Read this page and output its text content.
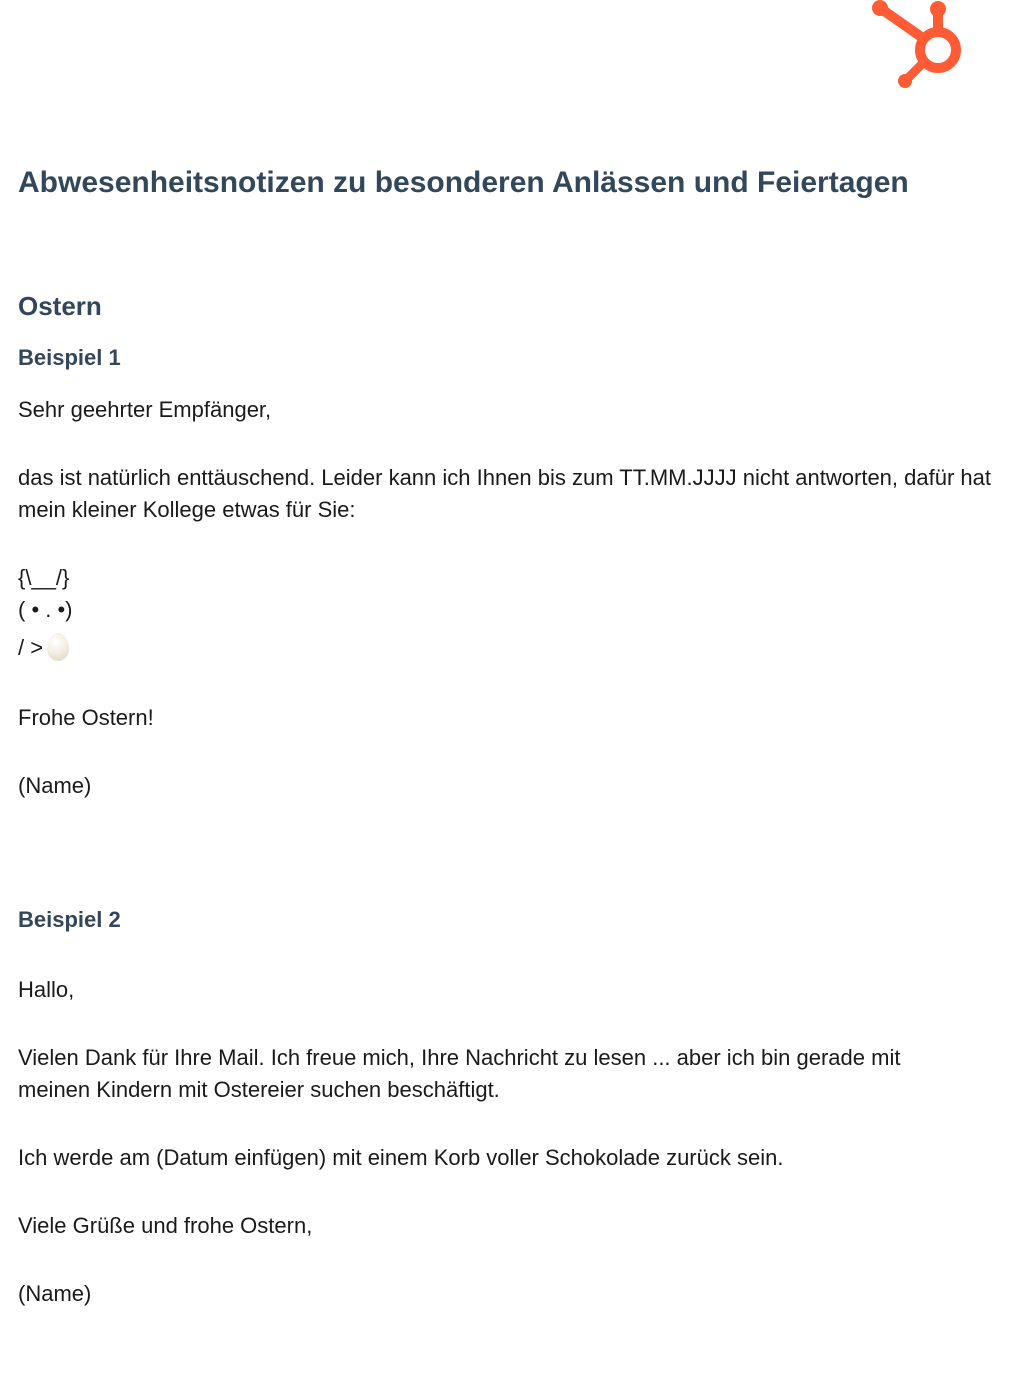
Abwesenheitsnotizen zu besonderen Anlässen und Feiertagen
Ostern
Beispiel 1

Sehr geehrter Empfänger,

das ist natürlich enttäuschend. Leider kann ich Ihnen bis zum TT.MM.JJJJ nicht antworten, dafür hat mein kleiner Kollege etwas für Sie:

{\__/}

( • . •)

/ >

Frohe Ostern!

(Name)

Beispiel 2

Hallo,

Vielen Dank für Ihre Mail. Ich freue mich, Ihre Nachricht zu lesen ... aber ich bin gerade mit meinen Kindern mit Ostereier suchen beschäftigt.

Ich werde am (Datum einfügen) mit einem Korb voller Schokolade zurück sein.

Viele Grüße und frohe Ostern,

(Name)
